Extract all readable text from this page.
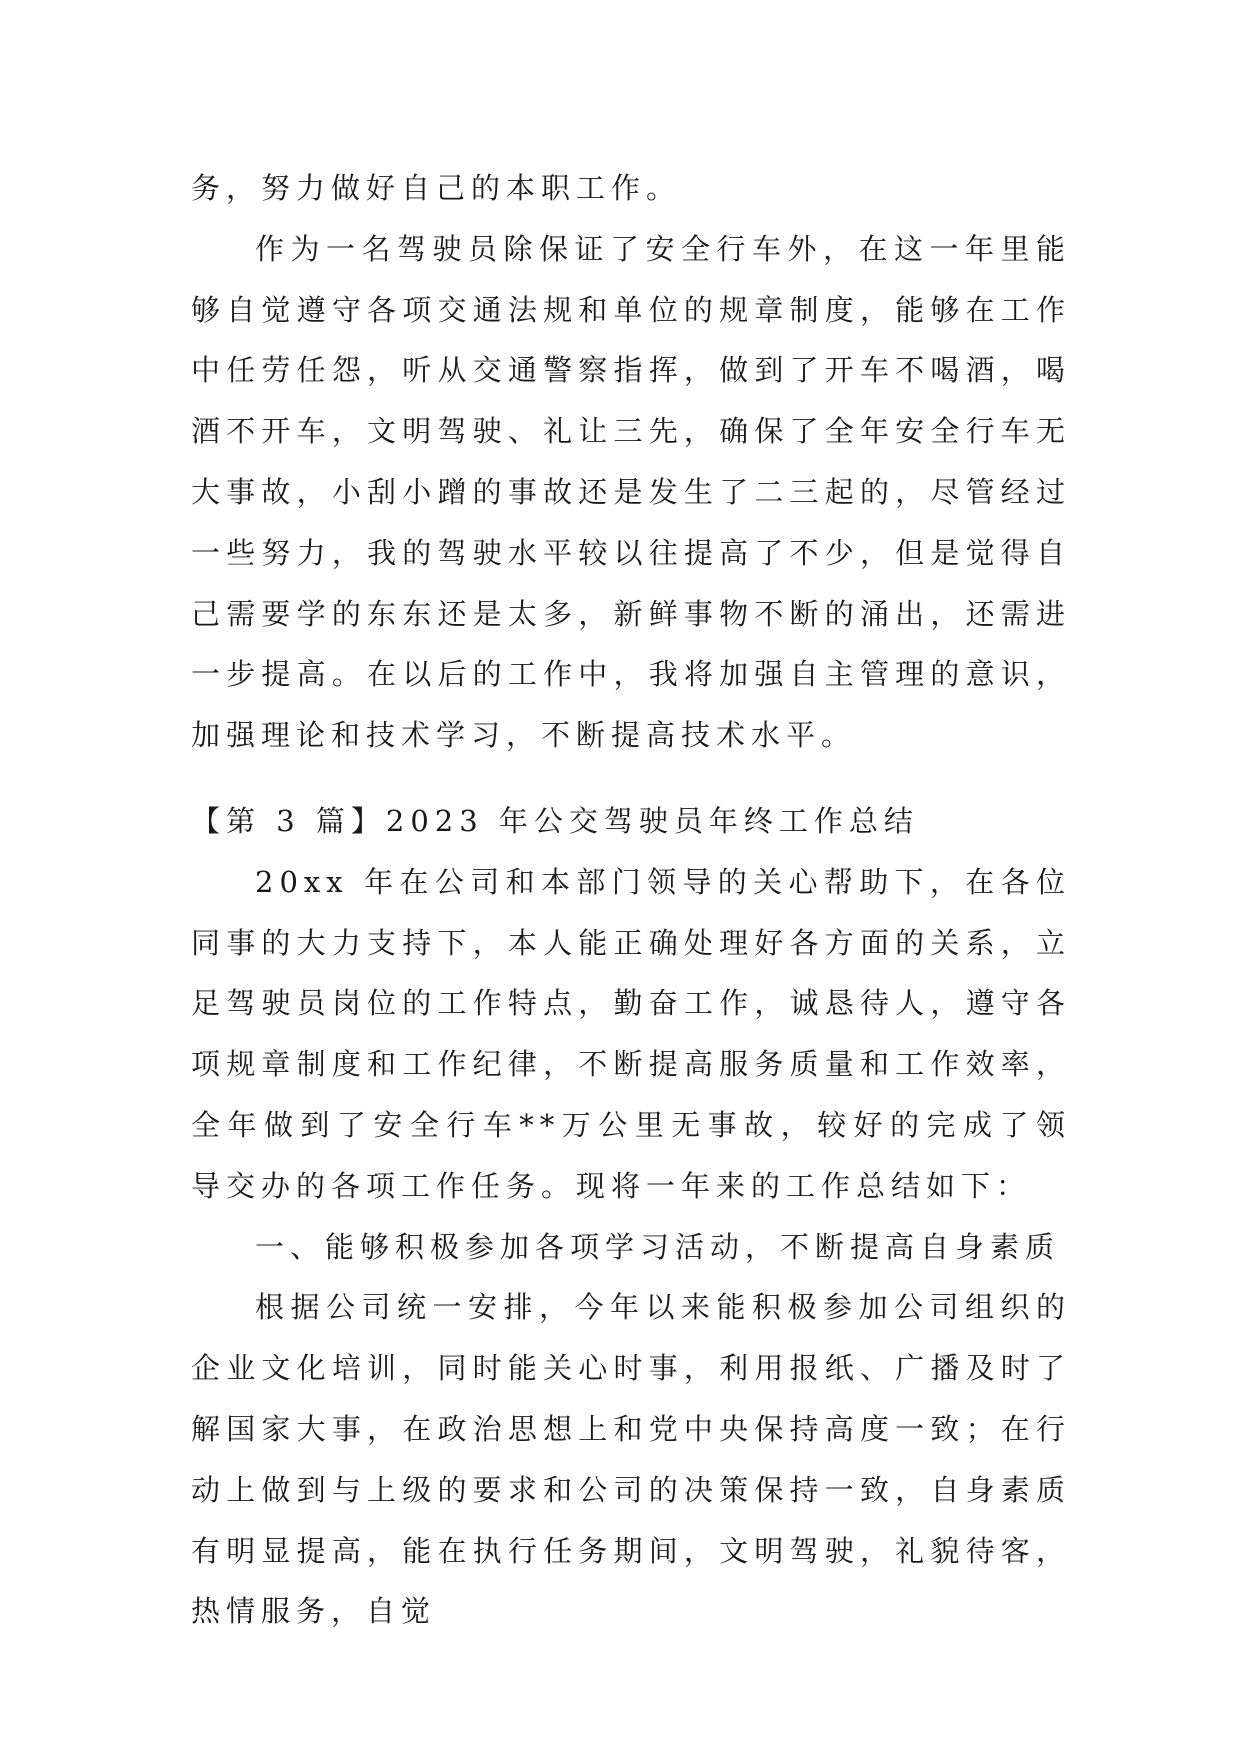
务，努力做好自己的本职工作。

作为一名驾驶员除保证了安全行车外，在这一年里能够自觉遵守各项交通法规和单位的规章制度，能够在工作中任劳任怨，听从交通警察指挥，做到了开车不喝酒，喝酒不开车，文明驾驶、礼让三先，确保了全年安全行车无大事故，小刮小蹭的事故还是发生了二三起的，尽管经过一些努力，我的驾驶水平较以往提高了不少，但是觉得自己需要学的东东还是太多，新鲜事物不断的涌出，还需进一步提高。在以后的工作中，我将加强自主管理的意识，加强理论和技术学习，不断提高技术水平。

【第 3 篇】2023 年公交驾驶员年终工作总结

20xx 年在公司和本部门领导的关心帮助下，在各位同事的大力支持下，本人能正确处理好各方面的关系，立足驾驶员岗位的工作特点，勤奋工作，诚恳待人，遵守各项规章制度和工作纪律，不断提高服务质量和工作效率，全年做到了安全行车**万公里无事故，较好的完成了领导交办的各项工作任务。现将一年来的工作总结如下：

一、能够积极参加各项学习活动，不断提高自身素质

根据公司统一安排，今年以来能积极参加公司组织的企业文化培训，同时能关心时事，利用报纸、广播及时了解国家大事，在政治思想上和党中央保持高度一致；在行动上做到与上级的要求和公司的决策保持一致，自身素质有明显提高，能在执行任务期间，文明驾驶，礼貌待客，热情服务，自觉
